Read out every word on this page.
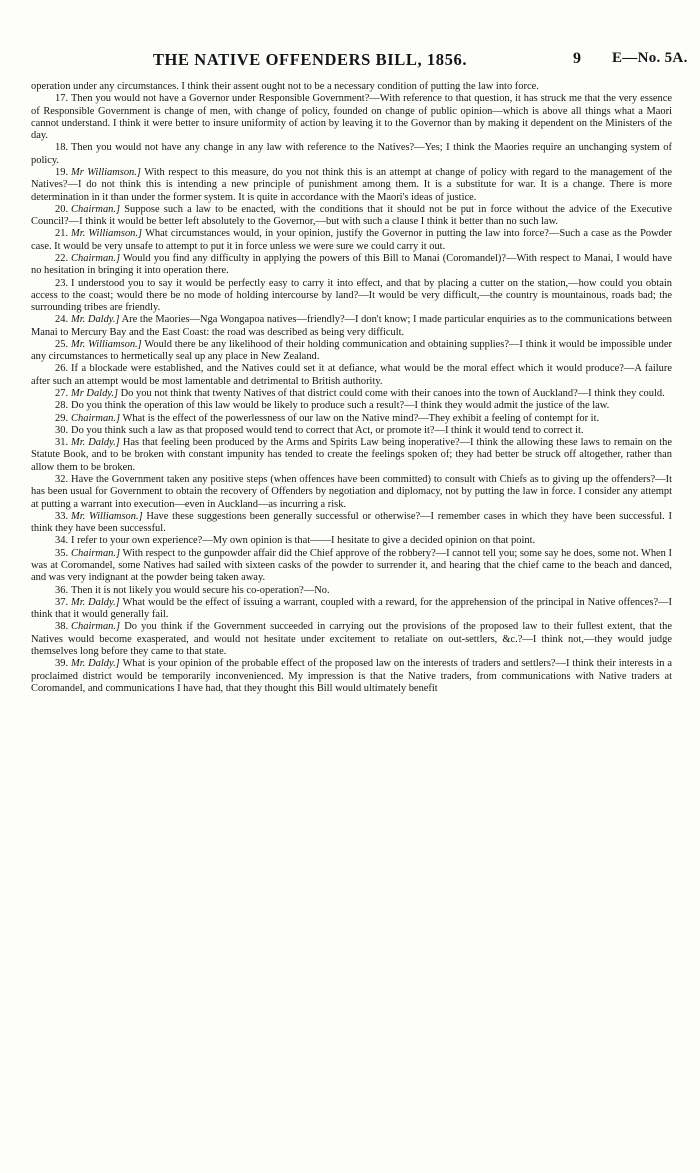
THE NATIVE OFFENDERS BILL, 1856.	9 E—No. 5A.

operation under any circumstances. I think their assent ought not to be a necessary condition of putting the law into force.

17. Then you would not have a Governor under Responsible Government?—With reference to that question, it has struck me that the very essence of Responsible Government is change of men, with change of policy, founded on change of public opinion—which is above all things what a Maori cannot understand. I think it were better to insure uniformity of action by leaving it to the Governor than by making it dependent on the Ministers of the day.

18. Then you would not have any change in any law with reference to the Natives?—Yes; I think the Maories require an unchanging system of policy.

19. Mr Williamson.] With respect to this measure, do you not think this is an attempt at change of policy with regard to the management of the Natives?—I do not think this is intending a new principle of punishment among them. It is a substitute for war. It is a change. There is more determination in it than under the former system. It is quite in accordance with the Maori's ideas of justice.

20. Chairman.] Suppose such a law to be enacted, with the conditions that it should not be put in force without the advice of the Executive Council?—I think it would be better left absolutely to the Governor,—but with such a clause I think it better than no such law.

21. Mr. Williamson.] What circumstances would, in your opinion, justify the Governor in putting the law into force?—Such a case as the Powder case. It would be very unsafe to attempt to put it in force unless we were sure we could carry it out.

22. Chairman.] Would you find any difficulty in applying the powers of this Bill to Manai (Coromandel)?—With respect to Manai, I would have no hesitation in bringing it into operation there.

23. I understood you to say it would be perfectly easy to carry it into effect, and that by placing a cutter on the station,—how could you obtain access to the coast; would there be no mode of holding intercourse by land?—It would be very difficult,—the country is mountainous, roads bad; the surrounding tribes are friendly.

24. Mr. Daldy.] Are the Maories—Nga Wongapoa natives—friendly?—I don't know; I made particular enquiries as to the communications between Manai to Mercury Bay and the East Coast: the road was described as being very difficult.

25. Mr. Williamson.] Would there be any likelihood of their holding communication and obtaining supplies?—I think it would be impossible under any circumstances to hermetically seal up any place in New Zealand.

26. If a blockade were established, and the Natives could set it at defiance, what would be the moral effect which it would produce?—A failure after such an attempt would be most lamentable and detrimental to British authority.

27. Mr Daldy.] Do you not think that twenty Natives of that district could come with their canoes into the town of Auckland?—I think they could.

28. Do you think the operation of this law would be likely to produce such a result?—I think they would admit the justice of the law.

29. Chairman.] What is the effect of the powerlessness of our law on the Native mind?—They exhibit a feeling of contempt for it.

30. Do you think such a law as that proposed would tend to correct that Act, or promote it?—I think it would tend to correct it.

31. Mr. Daldy.] Has that feeling been produced by the Arms and Spirits Law being inoperative?—I think the allowing these laws to remain on the Statute Book, and to be broken with constant impunity has tended to create the feelings spoken of; they had better be struck off altogether, rather than allow them to be broken.

32. Have the Government taken any positive steps (when offences have been committed) to consult with Chiefs as to giving up the offenders?—It has been usual for Government to obtain the recovery of Offenders by negotiation and diplomacy, not by putting the law in force. I consider any attempt at putting a warrant into execution—even in Auckland—as incurring a risk.

33. Mr. Williamson.] Have these suggestions been generally successful or otherwise?—I remember cases in which they have been successful. I think they have been successful.

34. I refer to your own experience?—My own opinion is that——I hesitate to give a decided opinion on that point.

35. Chairman.] With respect to the gunpowder affair did the Chief approve of the robbery?—I cannot tell you; some say he does, some not. When I was at Coromandel, some Natives had sailed with sixteen casks of the powder to surrender it, and hearing that the chief came to the beach and danced, and was very indignant at the powder being taken away.

36. Then it is not likely you would secure his co-operation?—No.

37. Mr. Daldy.] What would be the effect of issuing a warrant, coupled with a reward, for the apprehension of the principal in Native offences?—I think that it would generally fail.

38. Chairman.] Do you think if the Government succeeded in carrying out the provisions of the proposed law to their fullest extent, that the Natives would become exasperated, and would not hesitate under excitement to retaliate on out-settlers, &c.?—I think not,—they would judge themselves long before they came to that state.

39. Mr. Daldy.] What is your opinion of the probable effect of the proposed law on the interests of traders and settlers?—I think their interests in a proclaimed district would be temporarily inconvenienced. My impression is that the Native traders, from communications with Native traders at Coromandel, and communications I have had, that they thought this Bill would ultimately benefit
